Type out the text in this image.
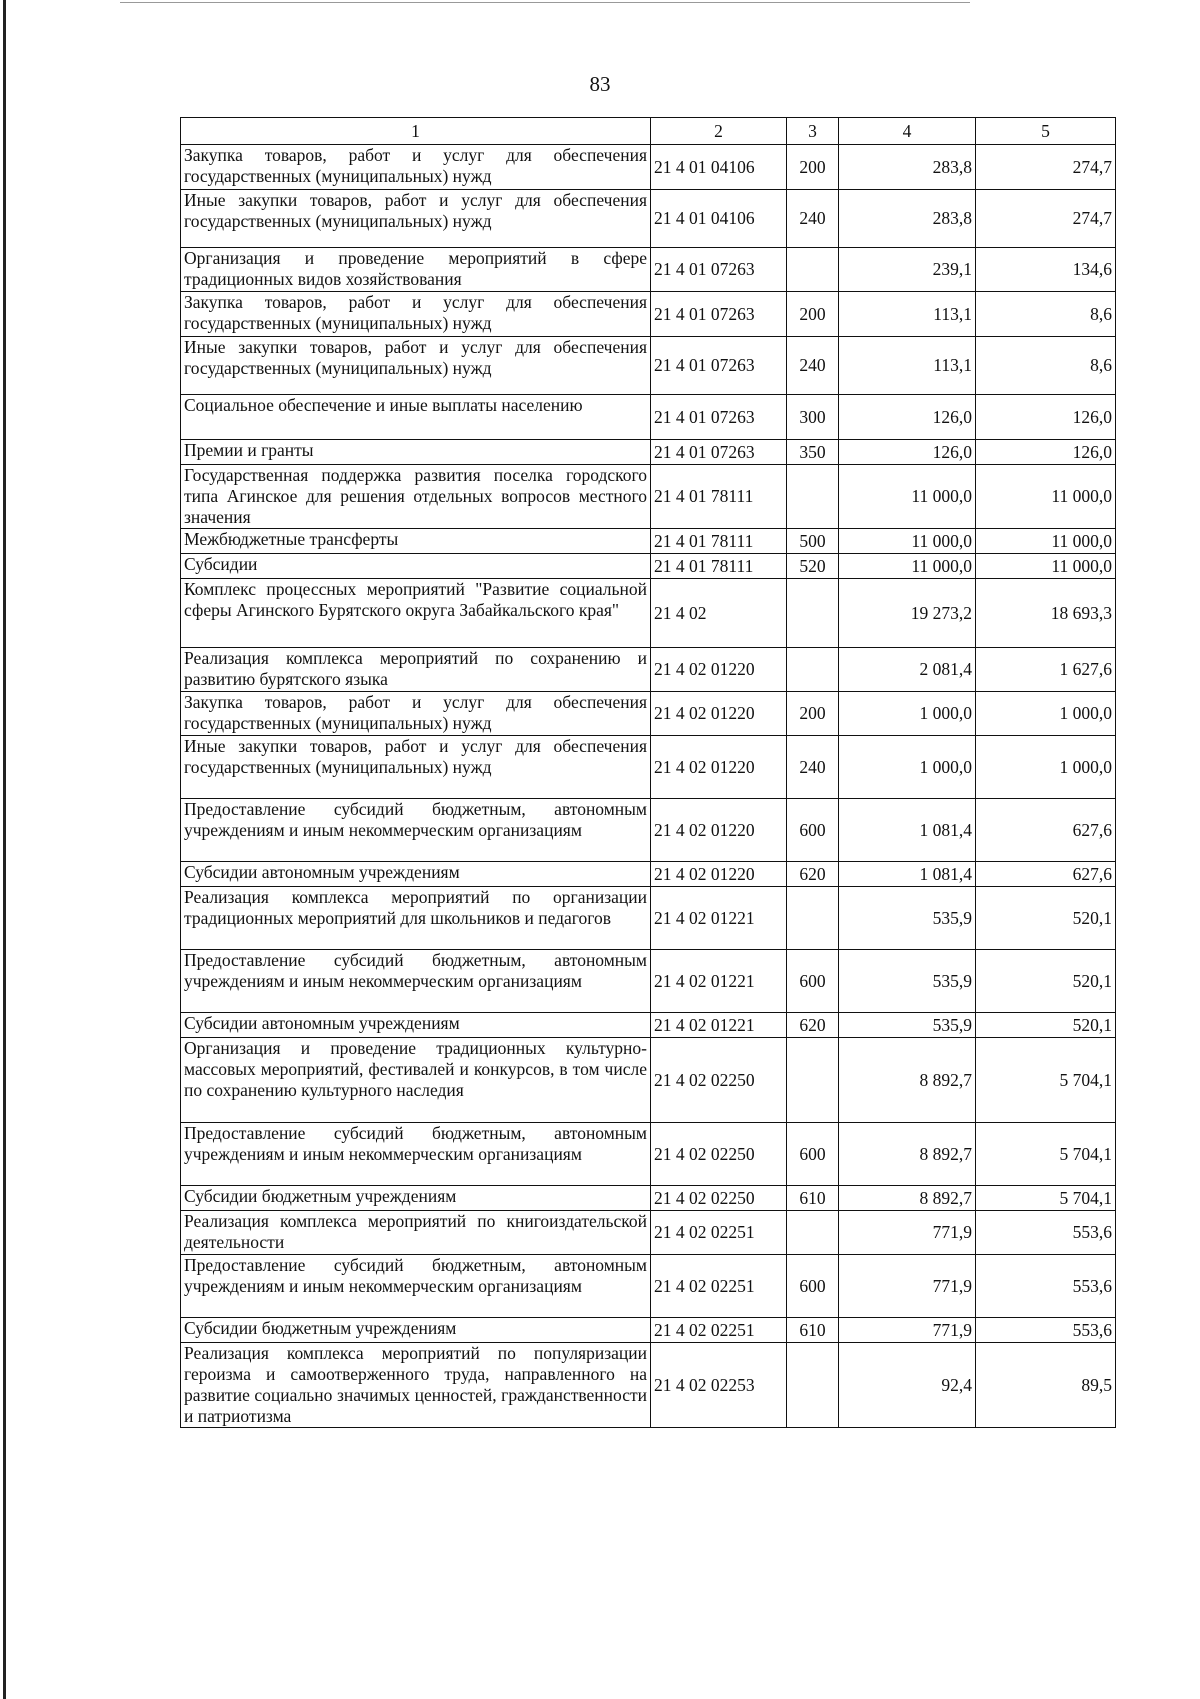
83
1	2	3	4	5
Закупка товаров, работ и услуг для обеспечения государственных (муниципальных) нужд	21 4 01 04106	200	283,8	274,7
Иные закупки товаров, работ и услуг для обеспечения государственных (муниципальных) нужд	21 4 01 04106	240	283,8	274,7
Организация и проведение мероприятий в сфере традиционных видов хозяйствования	21 4 01 07263		239,1	134,6
Закупка товаров, работ и услуг для обеспечения государственных (муниципальных) нужд	21 4 01 07263	200	113,1	8,6
Иные закупки товаров, работ и услуг для обеспечения государственных (муниципальных) нужд	21 4 01 07263	240	113,1	8,6
Социальное обеспечение и иные выплаты населению	21 4 01 07263	300	126,0	126,0
Премии и гранты	21 4 01 07263	350	126,0	126,0
Государственная поддержка развития поселка городского типа Агинское для решения отдельных вопросов местного значения	21 4 01 78111		11 000,0	11 000,0
Межбюджетные трансферты	21 4 01 78111	500	11 000,0	11 000,0
Субсидии	21 4 01 78111	520	11 000,0	11 000,0
Комплекс процессных мероприятий "Развитие социальной сферы Агинского Бурятского округа Забайкальского края"	21 4 02		19 273,2	18 693,3
Реализация комплекса мероприятий по сохранению и развитию бурятского языка	21 4 02 01220		2 081,4	1 627,6
Закупка товаров, работ и услуг для обеспечения государственных (муниципальных) нужд	21 4 02 01220	200	1 000,0	1 000,0
Иные закупки товаров, работ и услуг для обеспечения государственных (муниципальных) нужд	21 4 02 01220	240	1 000,0	1 000,0
Предоставление субсидий бюджетным, автономным учреждениям и иным некоммерческим организациям	21 4 02 01220	600	1 081,4	627,6
Субсидии автономным учреждениям	21 4 02 01220	620	1 081,4	627,6
Реализация комплекса мероприятий по организации традиционных мероприятий для школьников и педагогов	21 4 02 01221		535,9	520,1
Предоставление субсидий бюджетным, автономным учреждениям и иным некоммерческим организациям	21 4 02 01221	600	535,9	520,1
Субсидии автономным учреждениям	21 4 02 01221	620	535,9	520,1
Организация и проведение традиционных культурно-массовых мероприятий, фестивалей и конкурсов, в том числе по сохранению культурного наследия	21 4 02 02250		8 892,7	5 704,1
Предоставление субсидий бюджетным, автономным учреждениям и иным некоммерческим организациям	21 4 02 02250	600	8 892,7	5 704,1
Субсидии бюджетным учреждениям	21 4 02 02250	610	8 892,7	5 704,1
Реализация комплекса мероприятий по книгоиздательской деятельности	21 4 02 02251		771,9	553,6
Предоставление субсидий бюджетным, автономным учреждениям и иным некоммерческим организациям	21 4 02 02251	600	771,9	553,6
Субсидии бюджетным учреждениям	21 4 02 02251	610	771,9	553,6
Реализация комплекса мероприятий по популяризации героизма и самоотверженного труда, направленного на развитие социально значимых ценностей, гражданственности и патриотизма	21 4 02 02253		92,4	89,5
